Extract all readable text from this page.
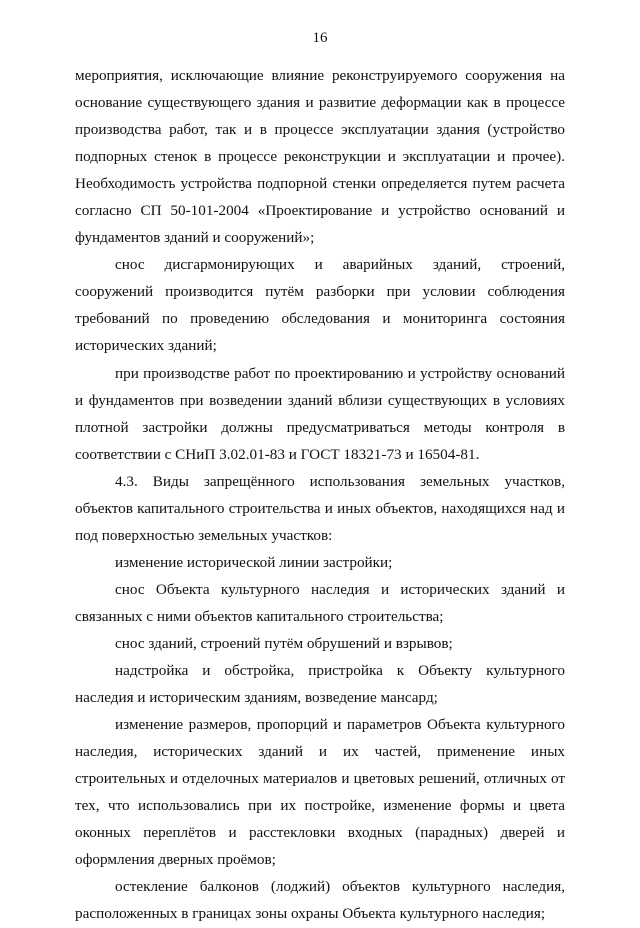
16

мероприятия, исключающие влияние реконструируемого сооружения на основание существующего здания и развитие деформации как в процессе производства работ, так и в процессе эксплуатации здания (устройство подпорных стенок в процессе реконструкции и эксплуатации и прочее). Необходимость устройства подпорной стенки определяется путем расчета согласно СП 50-101-2004 «Проектирование и устройство оснований и фундаментов зданий и сооружений»;

снос дисгармонирующих и аварийных зданий, строений, сооружений производится путём разборки при условии соблюдения требований по проведению обследования и мониторинга состояния исторических зданий;

при производстве работ по проектированию и устройству оснований и фундаментов при возведении зданий вблизи существующих в условиях плотной застройки должны предусматриваться методы контроля в соответствии с СНиП 3.02.01-83 и ГОСТ 18321-73 и 16504-81.

4.3. Виды запрещённого использования земельных участков, объектов капитального строительства и иных объектов, находящихся над и под поверхностью земельных участков:

изменение исторической линии застройки;

снос Объекта культурного наследия и исторических зданий и связанных с ними объектов капитального строительства;

снос зданий, строений путём обрушений и взрывов;

надстройка и обстройка, пристройка к Объекту культурного наследия и историческим зданиям, возведение мансард;

изменение размеров, пропорций и параметров Объекта культурного наследия, исторических зданий и их частей, применение иных строительных и отделочных материалов и цветовых решений, отличных от тех, что использовались при их постройке, изменение формы и цвета оконных переплётов и расстекловки входных (парадных) дверей и оформления дверных проёмов;

остекление балконов (лоджий) объектов культурного наследия, расположенных в границах зоны охраны Объекта культурного наследия;
